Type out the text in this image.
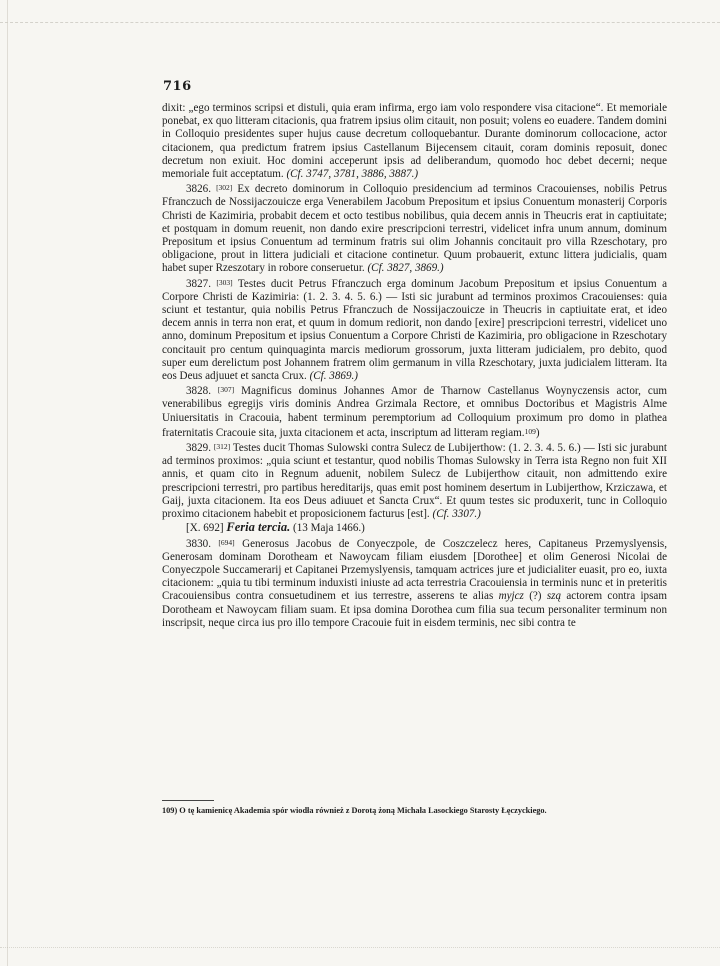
716

dixit: „ego terminos scripsi et distuli, quia eram infirma, ergo iam volo respondere visa citacione“. Et memoriale ponebat, ex quo litteram citacionis, qua fratrem ipsius olim citauit, non posuit; volens eo euadere. Tandem domini in Colloquio presidentes super hujus cause decretum colloquebantur. Durante dominorum collocacione, actor citacionem, qua predictum fratrem ipsius Castellanum Bijecensem citauit, coram dominis reposuit, donec decretum non exiuit. Hoc domini acceperunt ipsis ad deliberandum, quomodo hoc debet decerni; neque memoriale fuit acceptatum. (Cf. 3747, 3781, 3886, 3887.)

3826. [302] Ex decreto dominorum in Colloquio presidencium ad terminos Cracouienses, nobilis Petrus Ffranczuch de Nossijaczouicze erga Venerabilem Jacobum Prepositum et ipsius Conuentum monasterij Corporis Christi de Kazimiria, probabit decem et octo testibus nobilibus, quia decem annis in Theucris erat in captiuitate; et postquam in domum reuenit, non dando exire prescripcioni terrestri, videlicet infra unum annum, dominum Prepositum et ipsius Conuentum ad terminum fratris sui olim Johannis concitauit pro villa Rzeschotary, pro obligacione, prout in littera judiciali et citacione continetur. Quum probauerit, extunc littera judicialis, quam habet super Rzeszotary in robore conseruetur. (Cf. 3827, 3869.)

3827. [303] Testes ducit Petrus Ffranczuch erga dominum Jacobum Prepositum et ipsius Conuentum a Corpore Christi de Kazimiria: (1. 2. 3. 4. 5. 6.) — Isti sic jurabunt ad terminos proximos Cracouienses: quia sciunt et testantur, quia nobilis Petrus Ffranczuch de Nossijaczouicze in Theucris in captiuitate erat, et ideo decem annis in terra non erat, et quum in domum rediorit, non dando [exire] prescripcioni terrestri, videlicet uno anno, dominum Prepositum et ipsius Conuentum a Corpore Christi de Kazimiria, pro obligacione in Rzeschotary concitauit pro centum quinquaginta marcis mediorum grossorum, juxta litteram judicialem, pro debito, quod super eum derelictum post Johannem fratrem olim germanum in villa Rzeschotary, juxta judicialem litteram. Ita eos Deus adjuuet et sancta Crux. (Cf. 3869.)

3828. [307] Magnificus dominus Johannes Amor de Tharnow Castellanus Woynyczensis actor, cum venerabilibus egregijs viris dominis Andrea Grzimala Rectore, et omnibus Doctoribus et Magistris Alme Uniuersitatis in Cracouia, habent terminum peremptorium ad Colloquium proximum pro domo in plathea fraternitatis Cracouie sita, juxta citacionem et acta, inscriptum ad litteram regiam.$^{109}$)

3829. [312] Testes ducit Thomas Sulowski contra Sulecz de Lubijerthow: (1. 2. 3. 4. 5. 6.) — Isti sic jurabunt ad terminos proximos: „quia sciunt et testantur, quod nobilis Thomas Sulowsky in Terra ista Regno non fuit XII annis, et quam cito in Regnum aduenit, nobilem Sulecz de Lubijerthow citauit, non admittendo exire prescripcioni terrestri, pro partibus hereditarijs, quas emit post hominem desertum in Lubijerthow, Krziczawa, et Gaij, juxta citacionem. Ita eos Deus adiuuet et Sancta Crux“. Et quum testes sic produxerit, tunc in Colloquio proximo citacionem habebit et proposicionem facturus [est]. (Cf. 3307.)

[X. 692] Feria tercia. (13 Maja 1466.)

3830. [694] Generosus Jacobus de Conyeczpole, de Coszczelecz heres, Capitaneus Przemyslyensis, Generosam dominam Dorotheam et Nawoycam filiam eiusdem [Dorothee] et olim Generosi Nicolai de Conyeczpole Succamerarij et Capitanei Przemyslyensis, tamquam actrices jure et judicialiter euasit, pro eo, iuxta citacionem: „quia tu tibi terminum induxisti iniuste ad acta terrestria Cracouiensia in terminis nunc et in preteritis Cracouiensibus contra consuetudinem et ius terrestre, asserens te alias myjcz (?) szą actorem contra ipsam Dorotheam et Nawoycam filiam suam. Et ipsa domina Dorothea cum filia sua tecum personaliter terminum non inscripsit, neque circa ius pro illo tempore Cracouie fuit in eisdem terminis, nec sibi contra te

109) O tę kamienicę Akademia spór wiodła również z Dorotą żoną Michała Lasockiego Starosty Łęczyckiego.
